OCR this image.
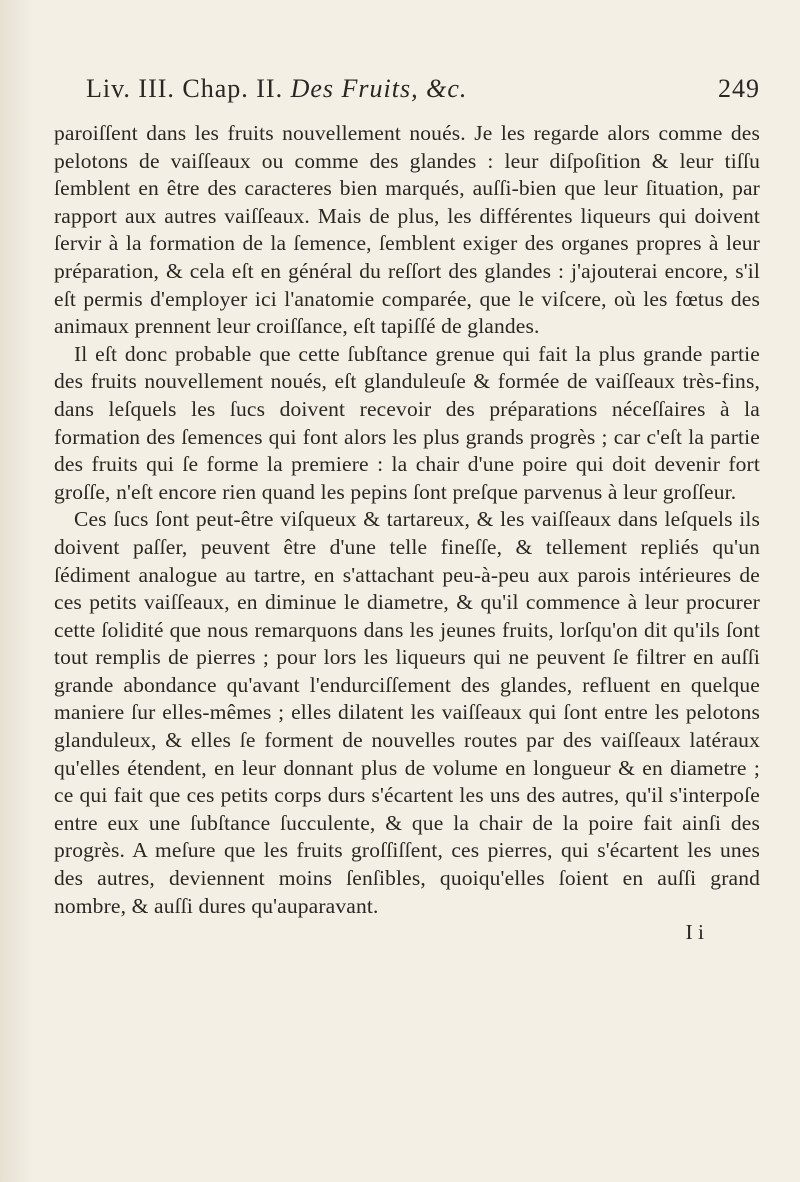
Liv. III. Chap. II. Des Fruits, &c.	249

paroiſſent dans les fruits nouvellement noués. Je les regarde alors comme des pelotons de vaiſſeaux ou comme des glandes : leur diſpoſition & leur tiſſu ſemblent en être des caracteres bien marqués, auſſi-bien que leur ſituation, par rapport aux autres vaiſſeaux. Mais de plus, les différentes liqueurs qui doivent ſervir à la formation de la ſemence, ſemblent exiger des organes propres à leur préparation, & cela eſt en général du reſſort des glandes : j'ajouterai encore, s'il eſt permis d'employer ici l'anatomie comparée, que le viſcere, où les fœtus des animaux prennent leur croiſſance, eſt tapiſſé de glandes.

Il eſt donc probable que cette ſubſtance grenue qui fait la plus grande partie des fruits nouvellement noués, eſt glanduleuſe & formée de vaiſſeaux très-fins, dans leſquels les ſucs doivent recevoir des préparations néceſſaires à la formation des ſemences qui font alors les plus grands progrès ; car c'eſt la partie des fruits qui ſe forme la premiere : la chair d'une poire qui doit devenir fort groſſe, n'eſt encore rien quand les pepins ſont preſque parvenus à leur groſſeur.

Ces ſucs ſont peut-être viſqueux & tartareux, & les vaiſſeaux dans leſquels ils doivent paſſer, peuvent être d'une telle fineſſe, & tellement repliés qu'un ſédiment analogue au tartre, en s'attachant peu-à-peu aux parois intérieures de ces petits vaiſſeaux, en diminue le diametre, & qu'il commence à leur procurer cette ſolidité que nous remarquons dans les jeunes fruits, lorſqu'on dit qu'ils ſont tout remplis de pierres ; pour lors les liqueurs qui ne peuvent ſe filtrer en auſſi grande abondance qu'avant l'endurciſſement des glandes, refluent en quelque maniere ſur elles-mêmes ; elles dilatent les vaiſſeaux qui ſont entre les pelotons glanduleux, & elles ſe forment de nouvelles routes par des vaiſſeaux latéraux qu'elles étendent, en leur donnant plus de volume en longueur & en diametre ; ce qui fait que ces petits corps durs s'écartent les uns des autres, qu'il s'interpoſe entre eux une ſubſtance ſucculente, & que la chair de la poire fait ainſi des progrès. A meſure que les fruits groſſiſſent, ces pierres, qui s'écartent les unes des autres, deviennent moins ſenſibles, quoiqu'elles ſoient en auſſi grand nombre, & auſſi dures qu'auparavant.

I i
